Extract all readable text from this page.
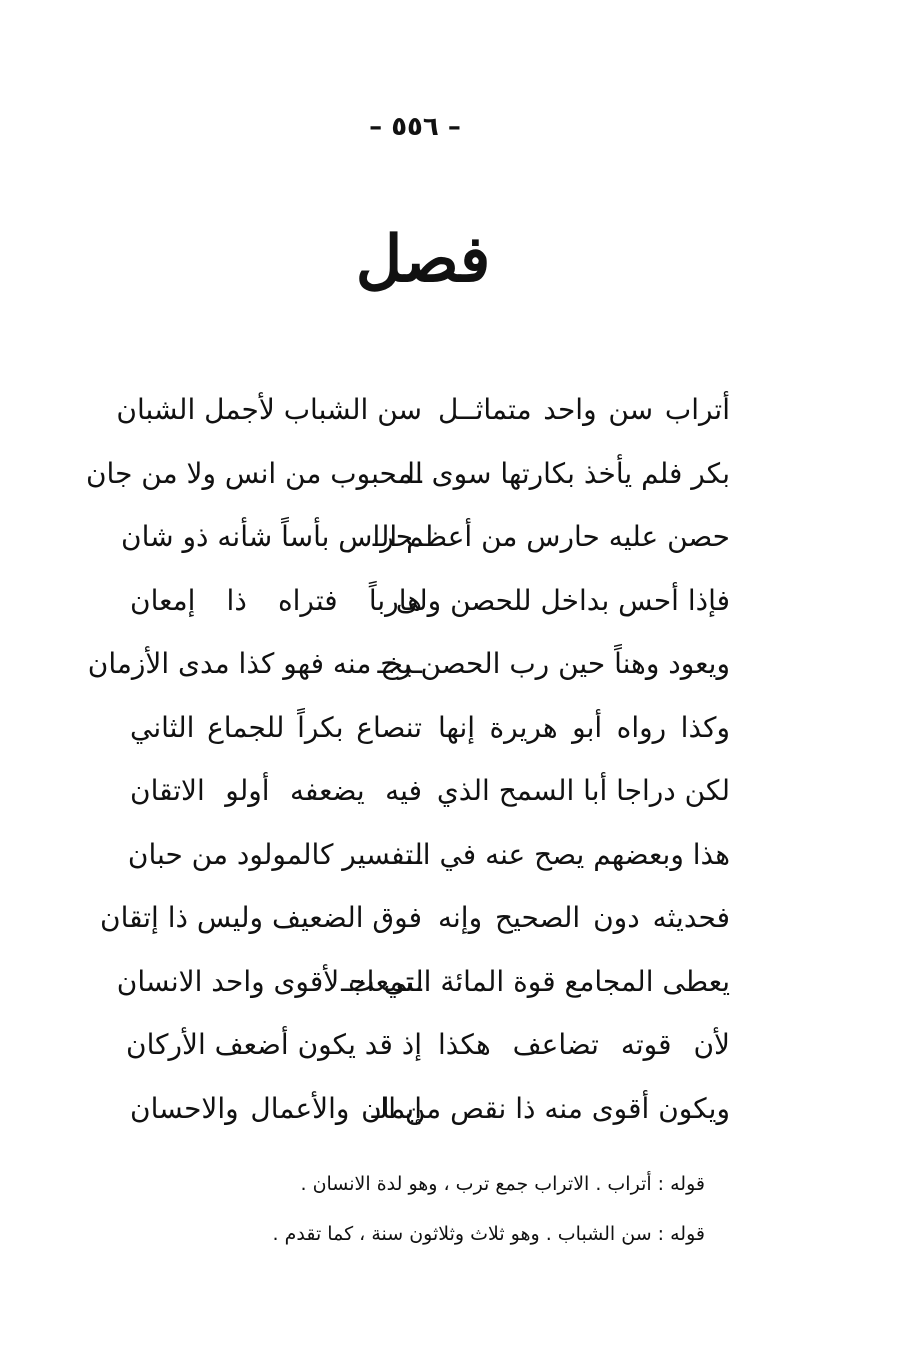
– ٥٥٦ –
فصل
أتراب سن واحد متماثــل
سن الشباب لأجمل الشبان
بكر فلم يأخذ بكارتها سوى الـ
ـمحبوب من انس ولا من جان
حصن عليه حارس من أعظم الـ
ـحراس بأساً شأنه ذو شان
فإذا أحس بداخل للحصن ولى
هارباً فتراه ذا إمعان
ويعود وهناً حين رب الحصن يخـ
ـرج منه فهو كذا مدى الأزمان
وكذا رواه أبو هريرة إنها
تنصاع بكراً للجماع الثاني
لكن دراجا أبا السمح الذي
فيه يضعفه أولو الاتقان
هذا وبعضهم يصح عنه في الـ
ـتفسير كالمولود من حبان
فحديثه دون الصحيح وإنه
فوق الضعيف وليس ذا إتقان
يعطى المجامع قوة المائة التي اجـ
ـتمعت لأقوى واحد الانسان
لأن قوته تضاعف هكذا
إذ قد يكون أضعف الأركان
ويكون أقوى منه ذا نقص من الـ
إيمان والأعمال والاحسان
قوله : أتراب . الاتراب جمع ترب ، وهو لدة الانسان .
قوله : سن الشباب . وهو ثلاث وثلاثون سنة ، كما تقدم .
